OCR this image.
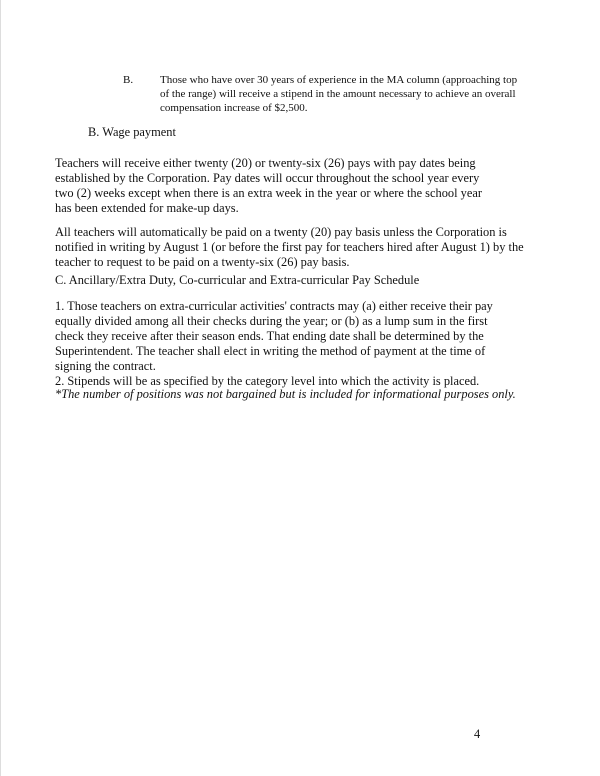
B. Those who have over 30 years of experience in the MA column (approaching top
of the range) will receive a stipend in the amount necessary to achieve an overall
compensation increase of $2,500.
B. Wage payment
Teachers will receive either twenty (20) or twenty-six (26) pays with pay dates being
established by the Corporation. Pay dates will occur throughout the school year every
two (2) weeks except when there is an extra week in the year or where the school year
has been extended for make-up days.
All teachers will automatically be paid on a twenty (20) pay basis unless the Corporation is
notified in writing by August 1 (or before the first pay for teachers hired after August 1) by the
teacher to request to be paid on a twenty-six (26) pay basis.
C. Ancillary/Extra Duty, Co-curricular and Extra-curricular Pay Schedule
1. Those teachers on extra-curricular activities' contracts may (a) either receive their pay
equally divided among all their checks during the year; or (b) as a lump sum in the first
check they receive after their season ends. That ending date shall be determined by the
Superintendent. The teacher shall elect in writing the method of payment at the time of
signing the contract.
2. Stipends will be as specified by the category level into which the activity is placed.
*The number of positions was not bargained but is included for informational purposes only.
4
